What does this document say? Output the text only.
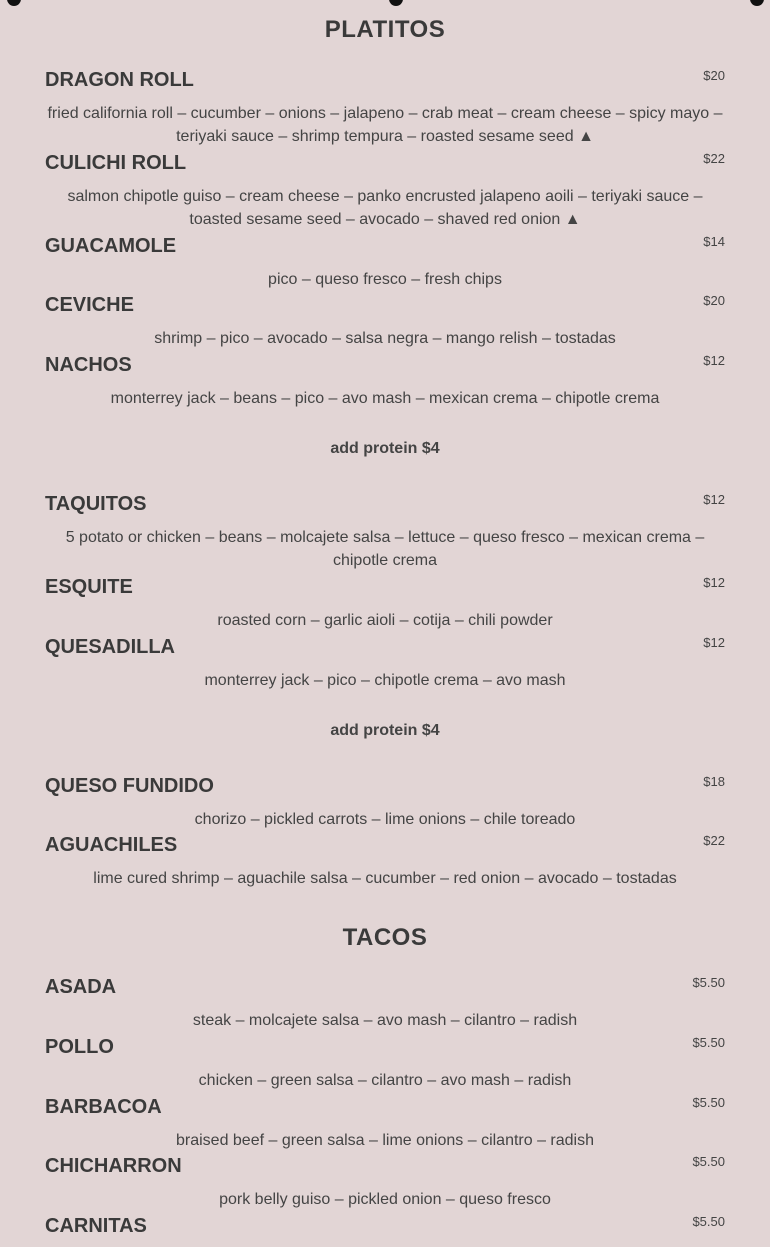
PLATITOS
DRAGON ROLL	$20
fried california roll – cucumber – onions – jalapeno – crab meat – cream cheese – spicy mayo – teriyaki sauce – shrimp tempura – roasted sesame seed ▲
CULICHI ROLL	$22
salmon chipotle guiso – cream cheese – panko encrusted jalapeno aoili – teriyaki sauce – toasted sesame seed – avocado – shaved red onion ▲
GUACAMOLE	$14
pico – queso fresco – fresh chips
CEVICHE	$20
shrimp – pico – avocado – salsa negra – mango relish – tostadas
NACHOS	$12
monterrey jack – beans – pico – avo mash – mexican crema – chipotle crema
add protein $4
TAQUITOS	$12
5 potato or chicken – beans – molcajete salsa – lettuce – queso fresco – mexican crema – chipotle crema
ESQUITE	$12
roasted corn – garlic aioli – cotija – chili powder
QUESADILLA	$12
monterrey jack – pico – chipotle crema – avo mash
add protein $4
QUESO FUNDIDO	$18
chorizo – pickled carrots – lime onions – chile toreado
AGUACHILES	$22
lime cured shrimp – aguachile salsa – cucumber – red onion – avocado – tostadas
TACOS
ASADA	$5.50
steak – molcajete salsa – avo mash – cilantro – radish
POLLO	$5.50
chicken – green salsa – cilantro – avo mash – radish
BARBACOA	$5.50
braised beef – green salsa – lime onions – cilantro – radish
CHICHARRON	$5.50
pork belly guiso – pickled onion – queso fresco
CARNITAS	$5.50
